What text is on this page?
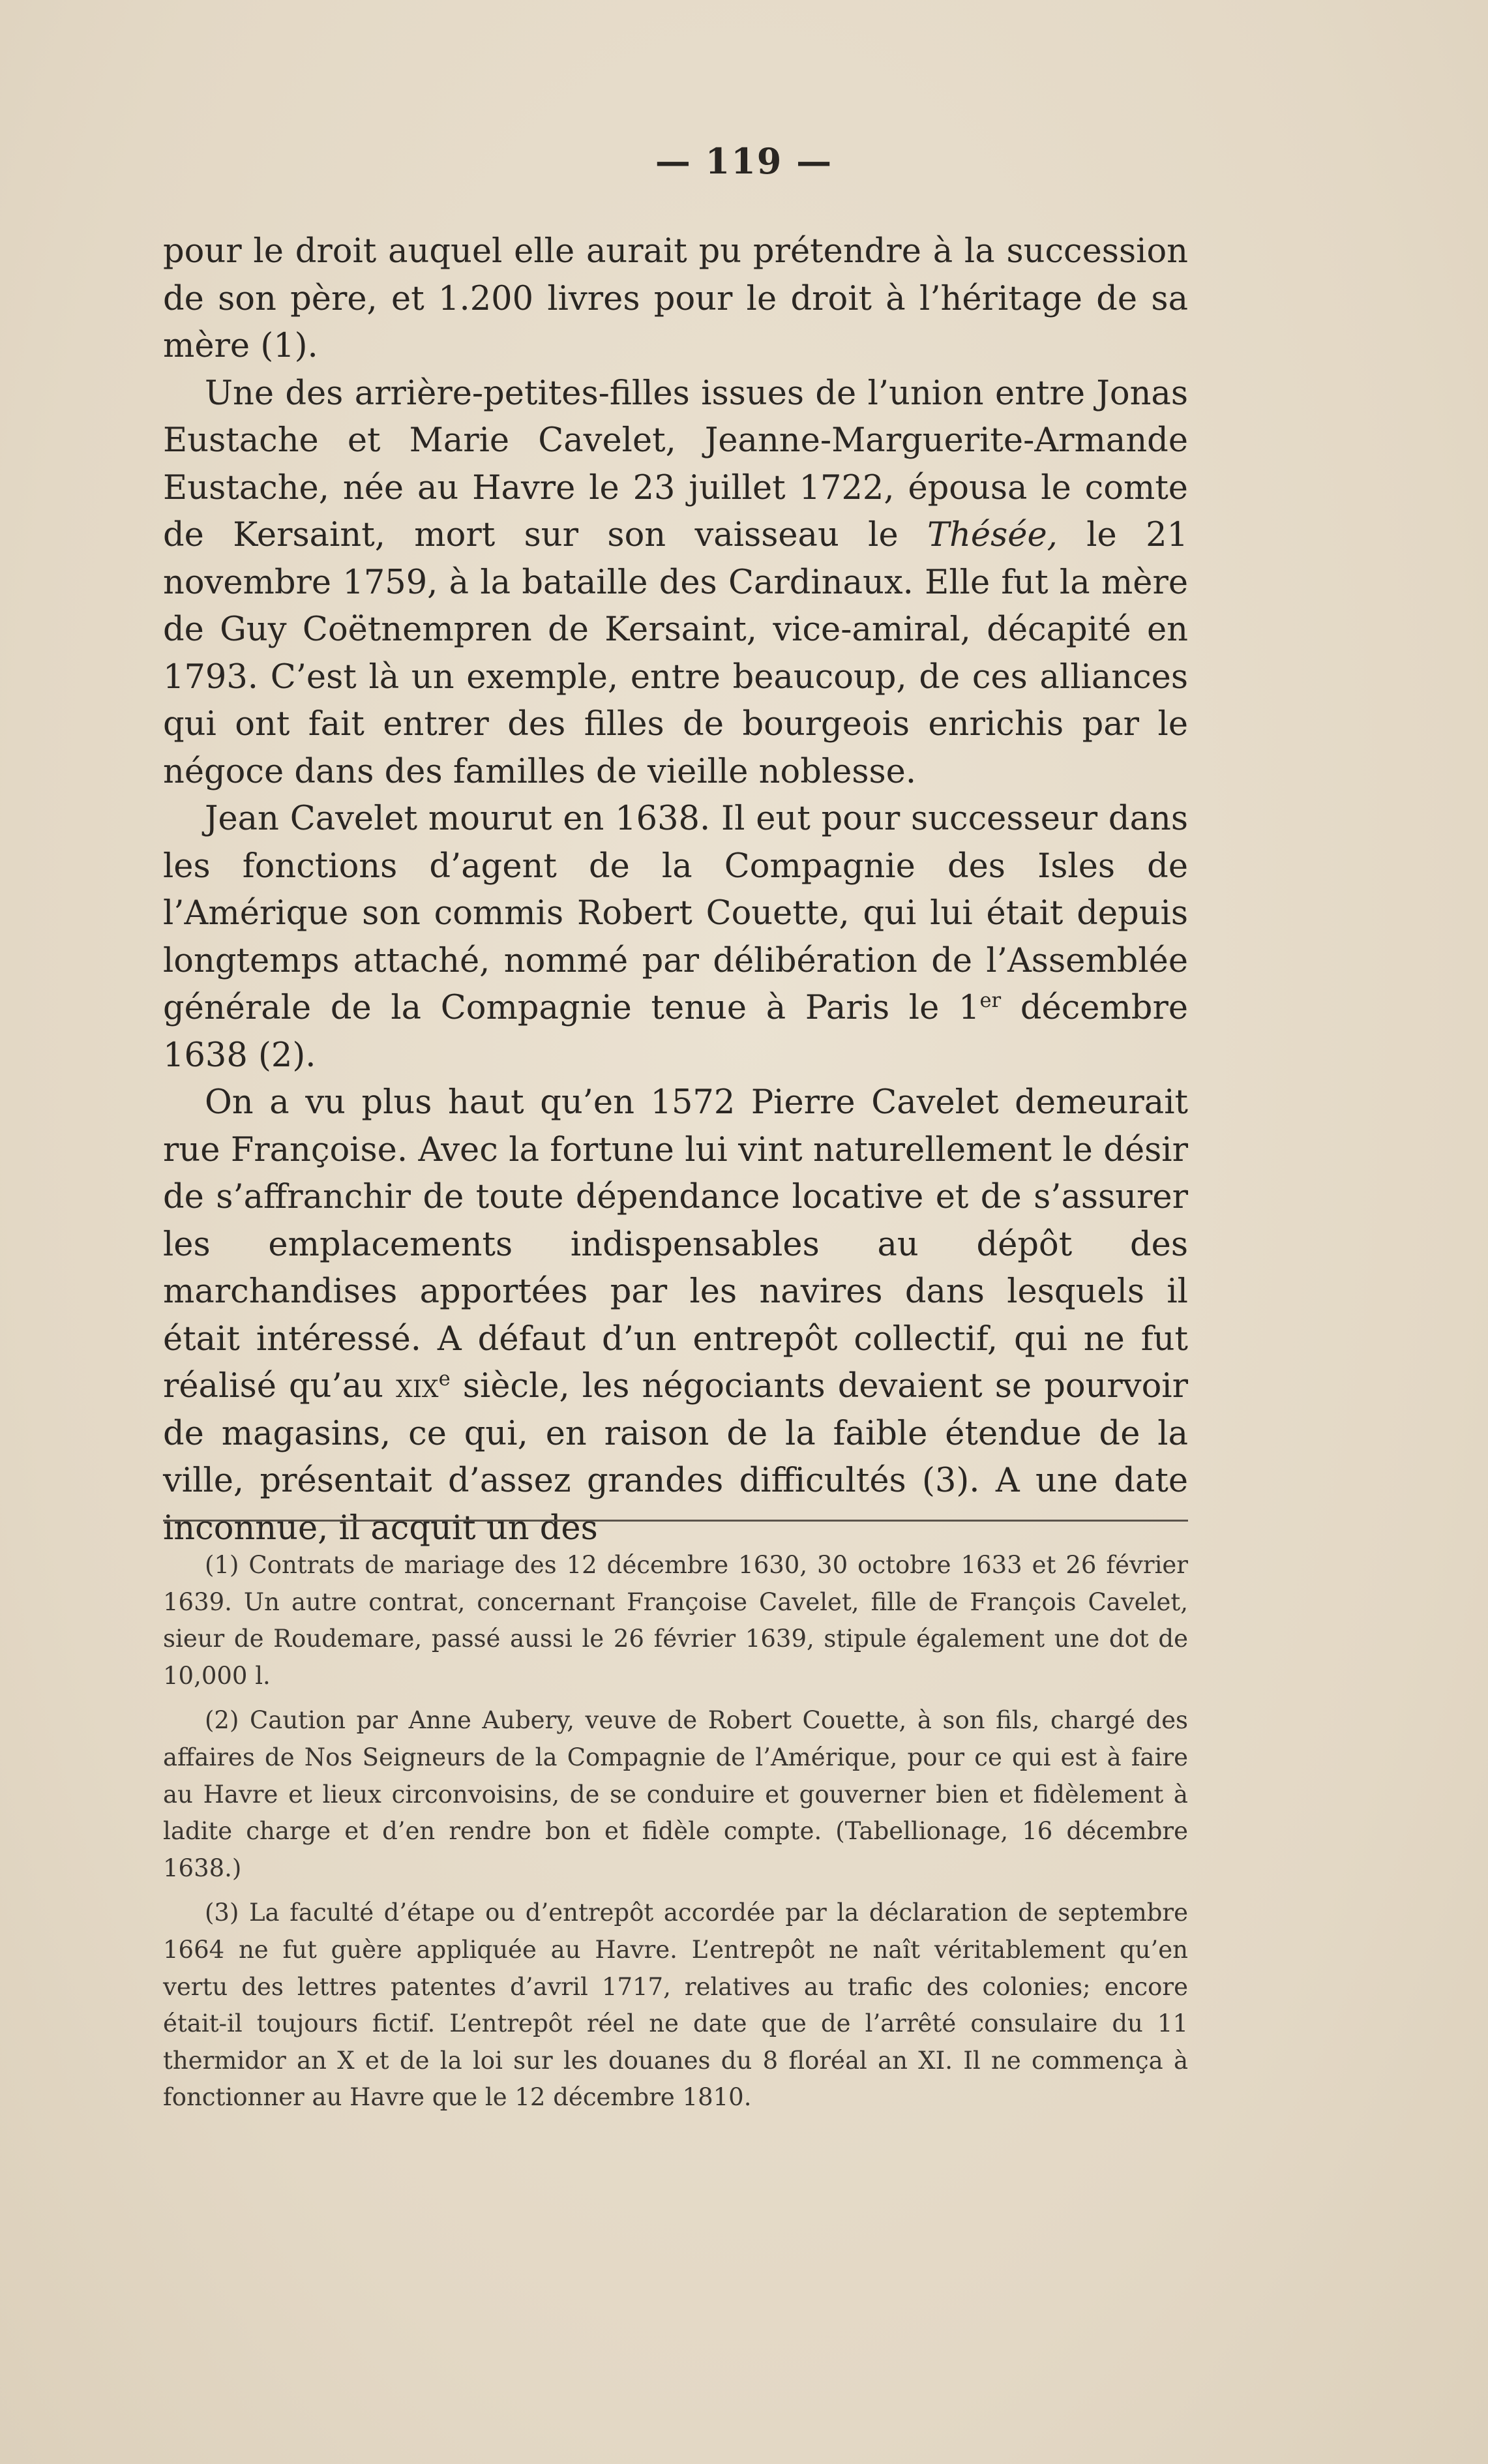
— 119 —

pour le droit auquel elle aurait pu prétendre à la succession de son père, et 1.200 livres pour le droit à l’héritage de sa mère (1).

Une des arrière-petites-filles issues de l’union entre Jonas Eustache et Marie Cavelet, Jeanne-Marguerite-Armande Eustache, née au Havre le 23 juillet 1722, épousa le comte de Kersaint, mort sur son vaisseau le Thésée, le 21 novembre 1759, à la bataille des Cardinaux. Elle fut la mère de Guy Coëtnempren de Kersaint, vice-amiral, décapité en 1793. C’est là un exemple, entre beaucoup, de ces alliances qui ont fait entrer des filles de bourgeois enrichis par le négoce dans des familles de vieille noblesse.

Jean Cavelet mourut en 1638. Il eut pour successeur dans les fonctions d’agent de la Compagnie des Isles de l’Amérique son commis Robert Couette, qui lui était depuis longtemps attaché, nommé par délibération de l’Assemblée générale de la Compagnie tenue à Paris le 1er décembre 1638 (2).

On a vu plus haut qu’en 1572 Pierre Cavelet demeurait rue Françoise. Avec la fortune lui vint naturellement le désir de s’affranchir de toute dépendance locative et de s’assurer les emplacements indispensables au dépôt des marchandises apportées par les navires dans lesquels il était intéressé. A défaut d’un entrepôt collectif, qui ne fut réalisé qu’au xix$^e$ siècle, les négociants devaient se pourvoir de magasins, ce qui, en raison de la faible étendue de la ville, présentait d’assez grandes difficultés (3). A une date inconnue, il acquit un des

(1) Contrats de mariage des 12 décembre 1630, 30 octobre 1633 et 26 février 1639. Un autre contrat, concernant Françoise Cavelet, fille de François Cavelet, sieur de Roudemare, passé aussi le 26 février 1639, stipule également une dot de 10,000 l.

(2) Caution par Anne Aubery, veuve de Robert Couette, à son fils, chargé des affaires de Nos Seigneurs de la Compagnie de l’Amérique, pour ce qui est à faire au Havre et lieux circonvoisins, de se conduire et gouverner bien et fidèlement à ladite charge et d’en rendre bon et fidèle compte. (Tabellionage, 16 décembre 1638.)

(3) La faculté d’étape ou d’entrepôt accordée par la déclaration de septembre 1664 ne fut guère appliquée au Havre. L’entrepôt ne naît véritablement qu’en vertu des lettres patentes d’avril 1717, relatives au trafic des colonies; encore était-il toujours fictif. L’entrepôt réel ne date que de l’arrêté consulaire du 11 thermidor an X et de la loi sur les douanes du 8 floréal an XI. Il ne commença à fonctionner au Havre que le 12 décembre 1810.
